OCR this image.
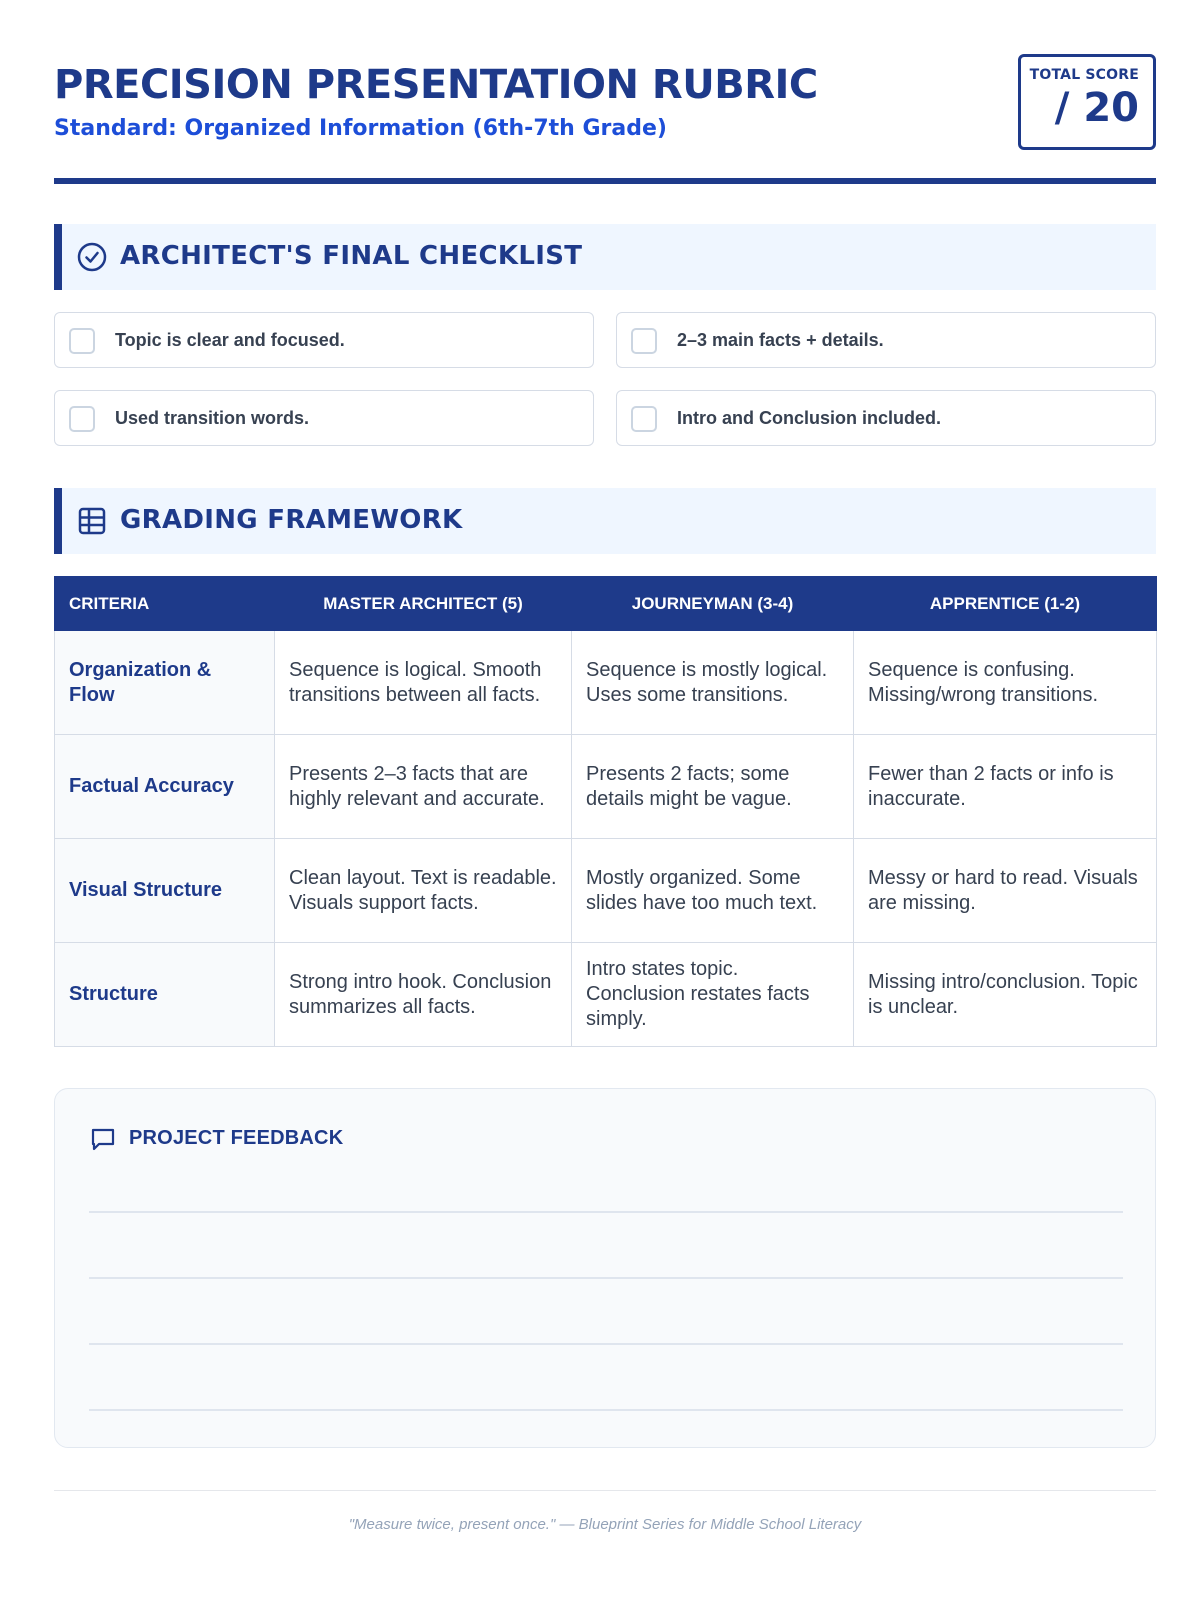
PRECISION PRESENTATION RUBRIC
Standard: Organized Information (6th-7th Grade)
TOTAL SCORE
/ 20
ARCHITECT'S FINAL CHECKLIST
Topic is clear and focused.	2–3 main facts + details.
Used transition words.	Intro and Conclusion included.
GRADING FRAMEWORK
CRITERIA	MASTER ARCHITECT (5)	JOURNEYMAN (3-4)	APPRENTICE (1-2)
Organization & Flow	Sequence is logical. Smooth transitions between all facts.	Sequence is mostly logical. Uses some transitions.	Sequence is confusing. Missing/wrong transitions.
Factual Accuracy	Presents 2–3 facts that are highly relevant and accurate.	Presents 2 facts; some details might be vague.	Fewer than 2 facts or info is inaccurate.
Visual Structure	Clean layout. Text is readable. Visuals support facts.	Mostly organized. Some slides have too much text.	Messy or hard to read. Visuals are missing.
Structure	Strong intro hook. Conclusion summarizes all facts.	Intro states topic. Conclusion restates facts simply.	Missing intro/conclusion. Topic is unclear.
PROJECT FEEDBACK
"Measure twice, present once." — Blueprint Series for Middle School Literacy
